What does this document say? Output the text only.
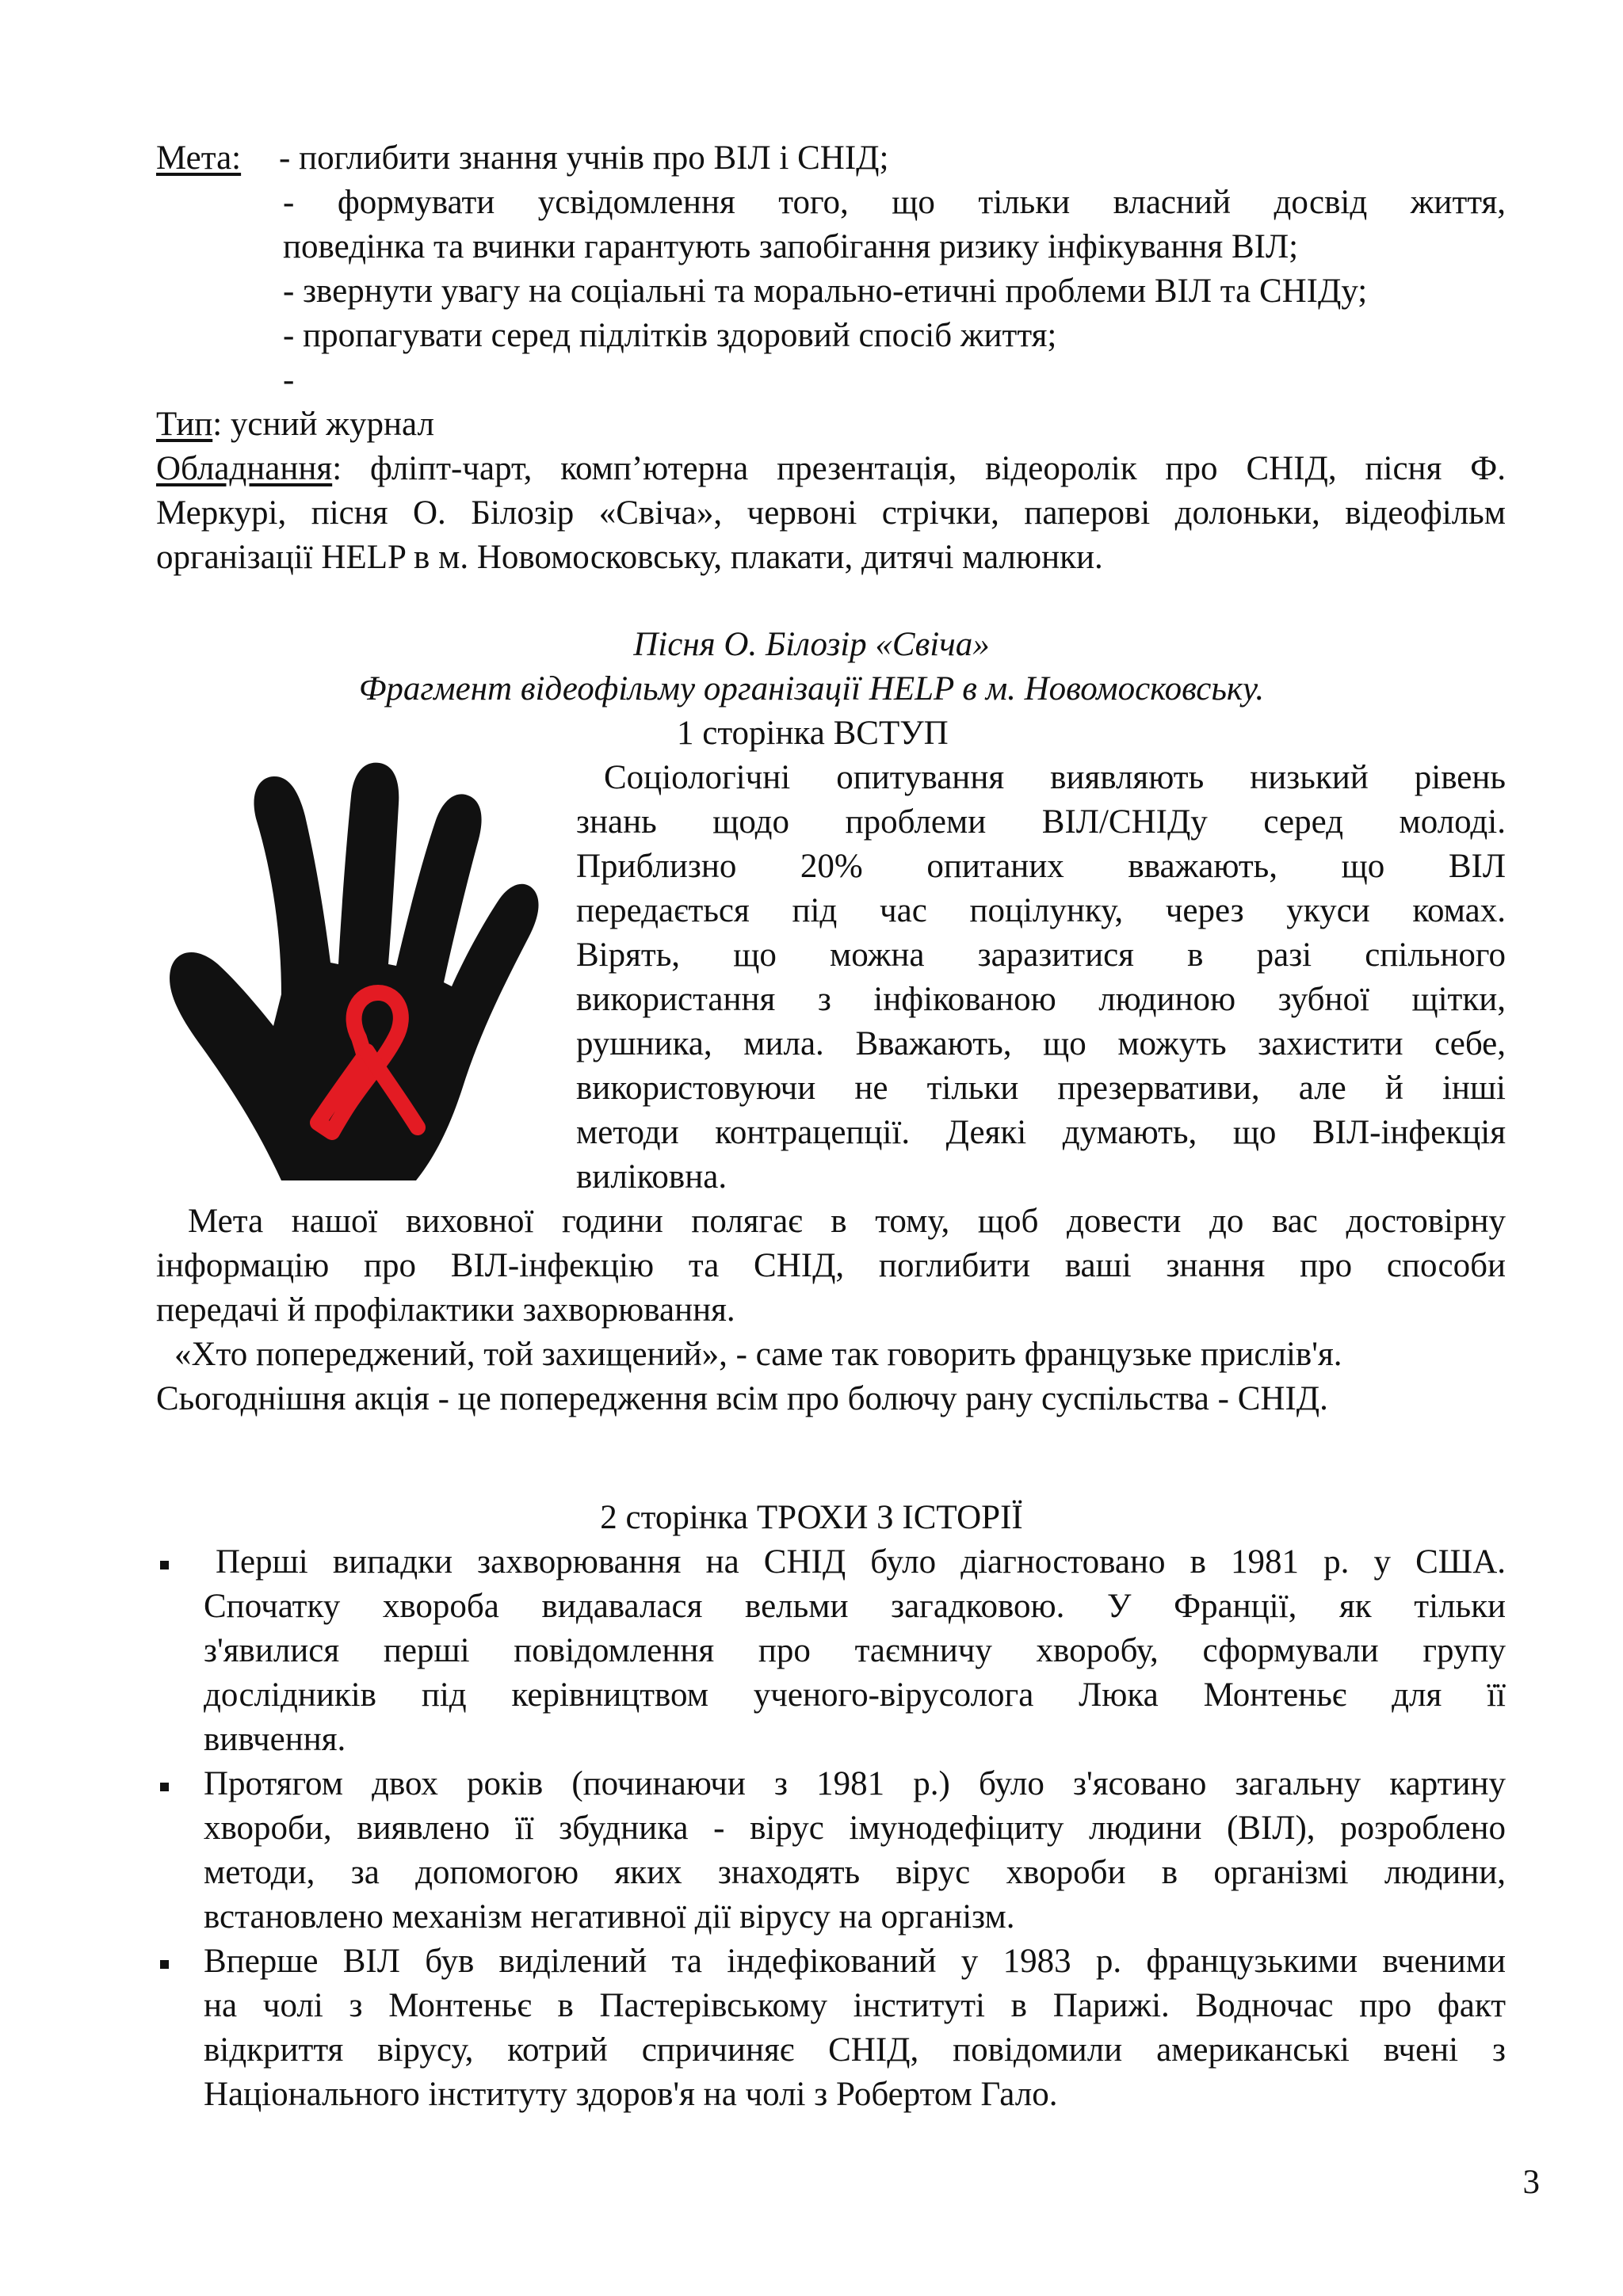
Мета: - поглибити знання учнів про ВІЛ і СНІД;
- формувати усвідомлення того, що тільки власний досвід життя,
поведінка та вчинки гарантують запобігання ризику інфікування ВІЛ;
- звернути увагу на соціальні та морально-етичні проблеми ВІЛ та СНІДу;
- пропагувати серед підлітків здоровий спосіб життя;
-
Тип: усний журнал
Обладнання: фліпт-чарт, комп’ютерна презентація, відеоролік про СНІД, пісня Ф.
Меркурі, пісня О. Білозір «Свіча», червоні стрічки, паперові долоньки, відеофільм
організації HELP в м. Новомосковську, плакати, дитячі малюнки.
Пісня О. Білозір «Свіча»
Фрагмент відеофільму організації HELP в м. Новомосковську.
1 сторінка ВСТУП
Соціологічні опитування виявляють низький рівень
знань щодо проблеми ВІЛ/СНІДу серед молоді.
Приблизно 20% опитаних вважають, що ВІЛ
передається під час поцілунку, через укуси комах.
Вірять, що можна заразитися в разі спільного
використання з інфікованою людиною зубної щітки,
рушника, мила. Вважають, що можуть захистити себе,
використовуючи не тільки презервативи, але й інші
методи контрацепції. Деякі думають, що ВІЛ-інфекція
виліковна.
Мета нашої виховної години полягає в тому, щоб довести до вас достовірну
інформацію про ВІЛ-інфекцію та СНІД, поглибити ваші знання про способи
передачі й профілактики захворювання.
«Хто попереджений, той захищений», - саме так говорить французьке прислів'я.
Сьогоднішня акція - це попередження всім про болючу рану суспільства - СНІД.
2 сторінка ТРОХИ З ІСТОРІЇ
Перші випадки захворювання на СНІД було діагностовано в 1981 р. у США.
Спочатку хвороба видавалася вельми загадковою. У Франції, як тільки
з'явилися перші повідомлення про таємничу хворобу, сформували групу
дослідників під керівництвом ученого-вірусолога Люка Монтеньє для її
вивчення.
Протягом двох років (починаючи з 1981 р.) було з'ясовано загальну картину
хвороби, виявлено її збудника - вірус імунодефіциту людини (ВІЛ), розроблено
методи, за допомогою яких знаходять вірус хвороби в організмі людини,
встановлено механізм негативної дії вірусу на організм.
Вперше ВІЛ був виділений та індефікований у 1983 р. французькими вченими
на чолі з Монтеньє в Пастерівському інституті в Парижі. Водночас про факт
відкриття вірусу, котрий спричиняє СНІД, повідомили американські вчені з
Національного інституту здоров'я на чолі з Робертом Гало.
3
